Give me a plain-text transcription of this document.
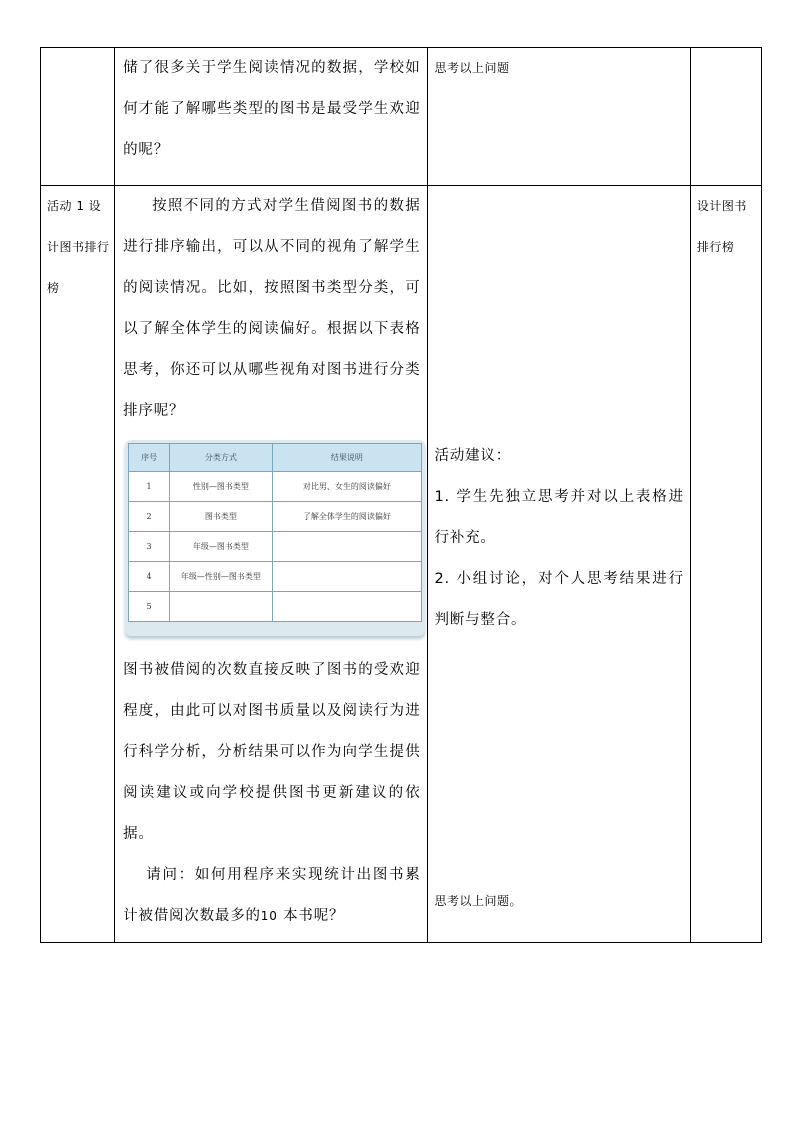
储了很多关于学生阅读情况的数据，学校如何才能了解哪些类型的图书是最受学生欢迎的呢？

思考以上问题

活动 1 设计图书排行榜

按照不同的方式对学生借阅图书的数据进行排序输出，可以从不同的视角了解学生的阅读情况。比如，按照图书类型分类，可以了解全体学生的阅读偏好。根据以下表格思考，你还可以从哪些视角对图书进行分类排序呢？
序号	分类方式	结果说明
1	性别—图书类型	对比男、女生的阅读偏好
2	图书类型	了解全体学生的阅读偏好
3	年级—图书类型	
4	年级—性别—图书类型	
5		
图书被借阅的次数直接反映了图书的受欢迎程度，由此可以对图书质量以及阅读行为进行科学分析，分析结果可以作为向学生提供阅读建议或向学校提供图书更新建议的依据。
请问：如何用程序来实现统计出图书累计被借阅次数最多的10 本书呢？

活动建议：
1. 学生先独立思考并对以上表格进行补充。
2. 小组讨论，对个人思考结果进行判断与整合。
思考以上问题。

设计图书排行榜
